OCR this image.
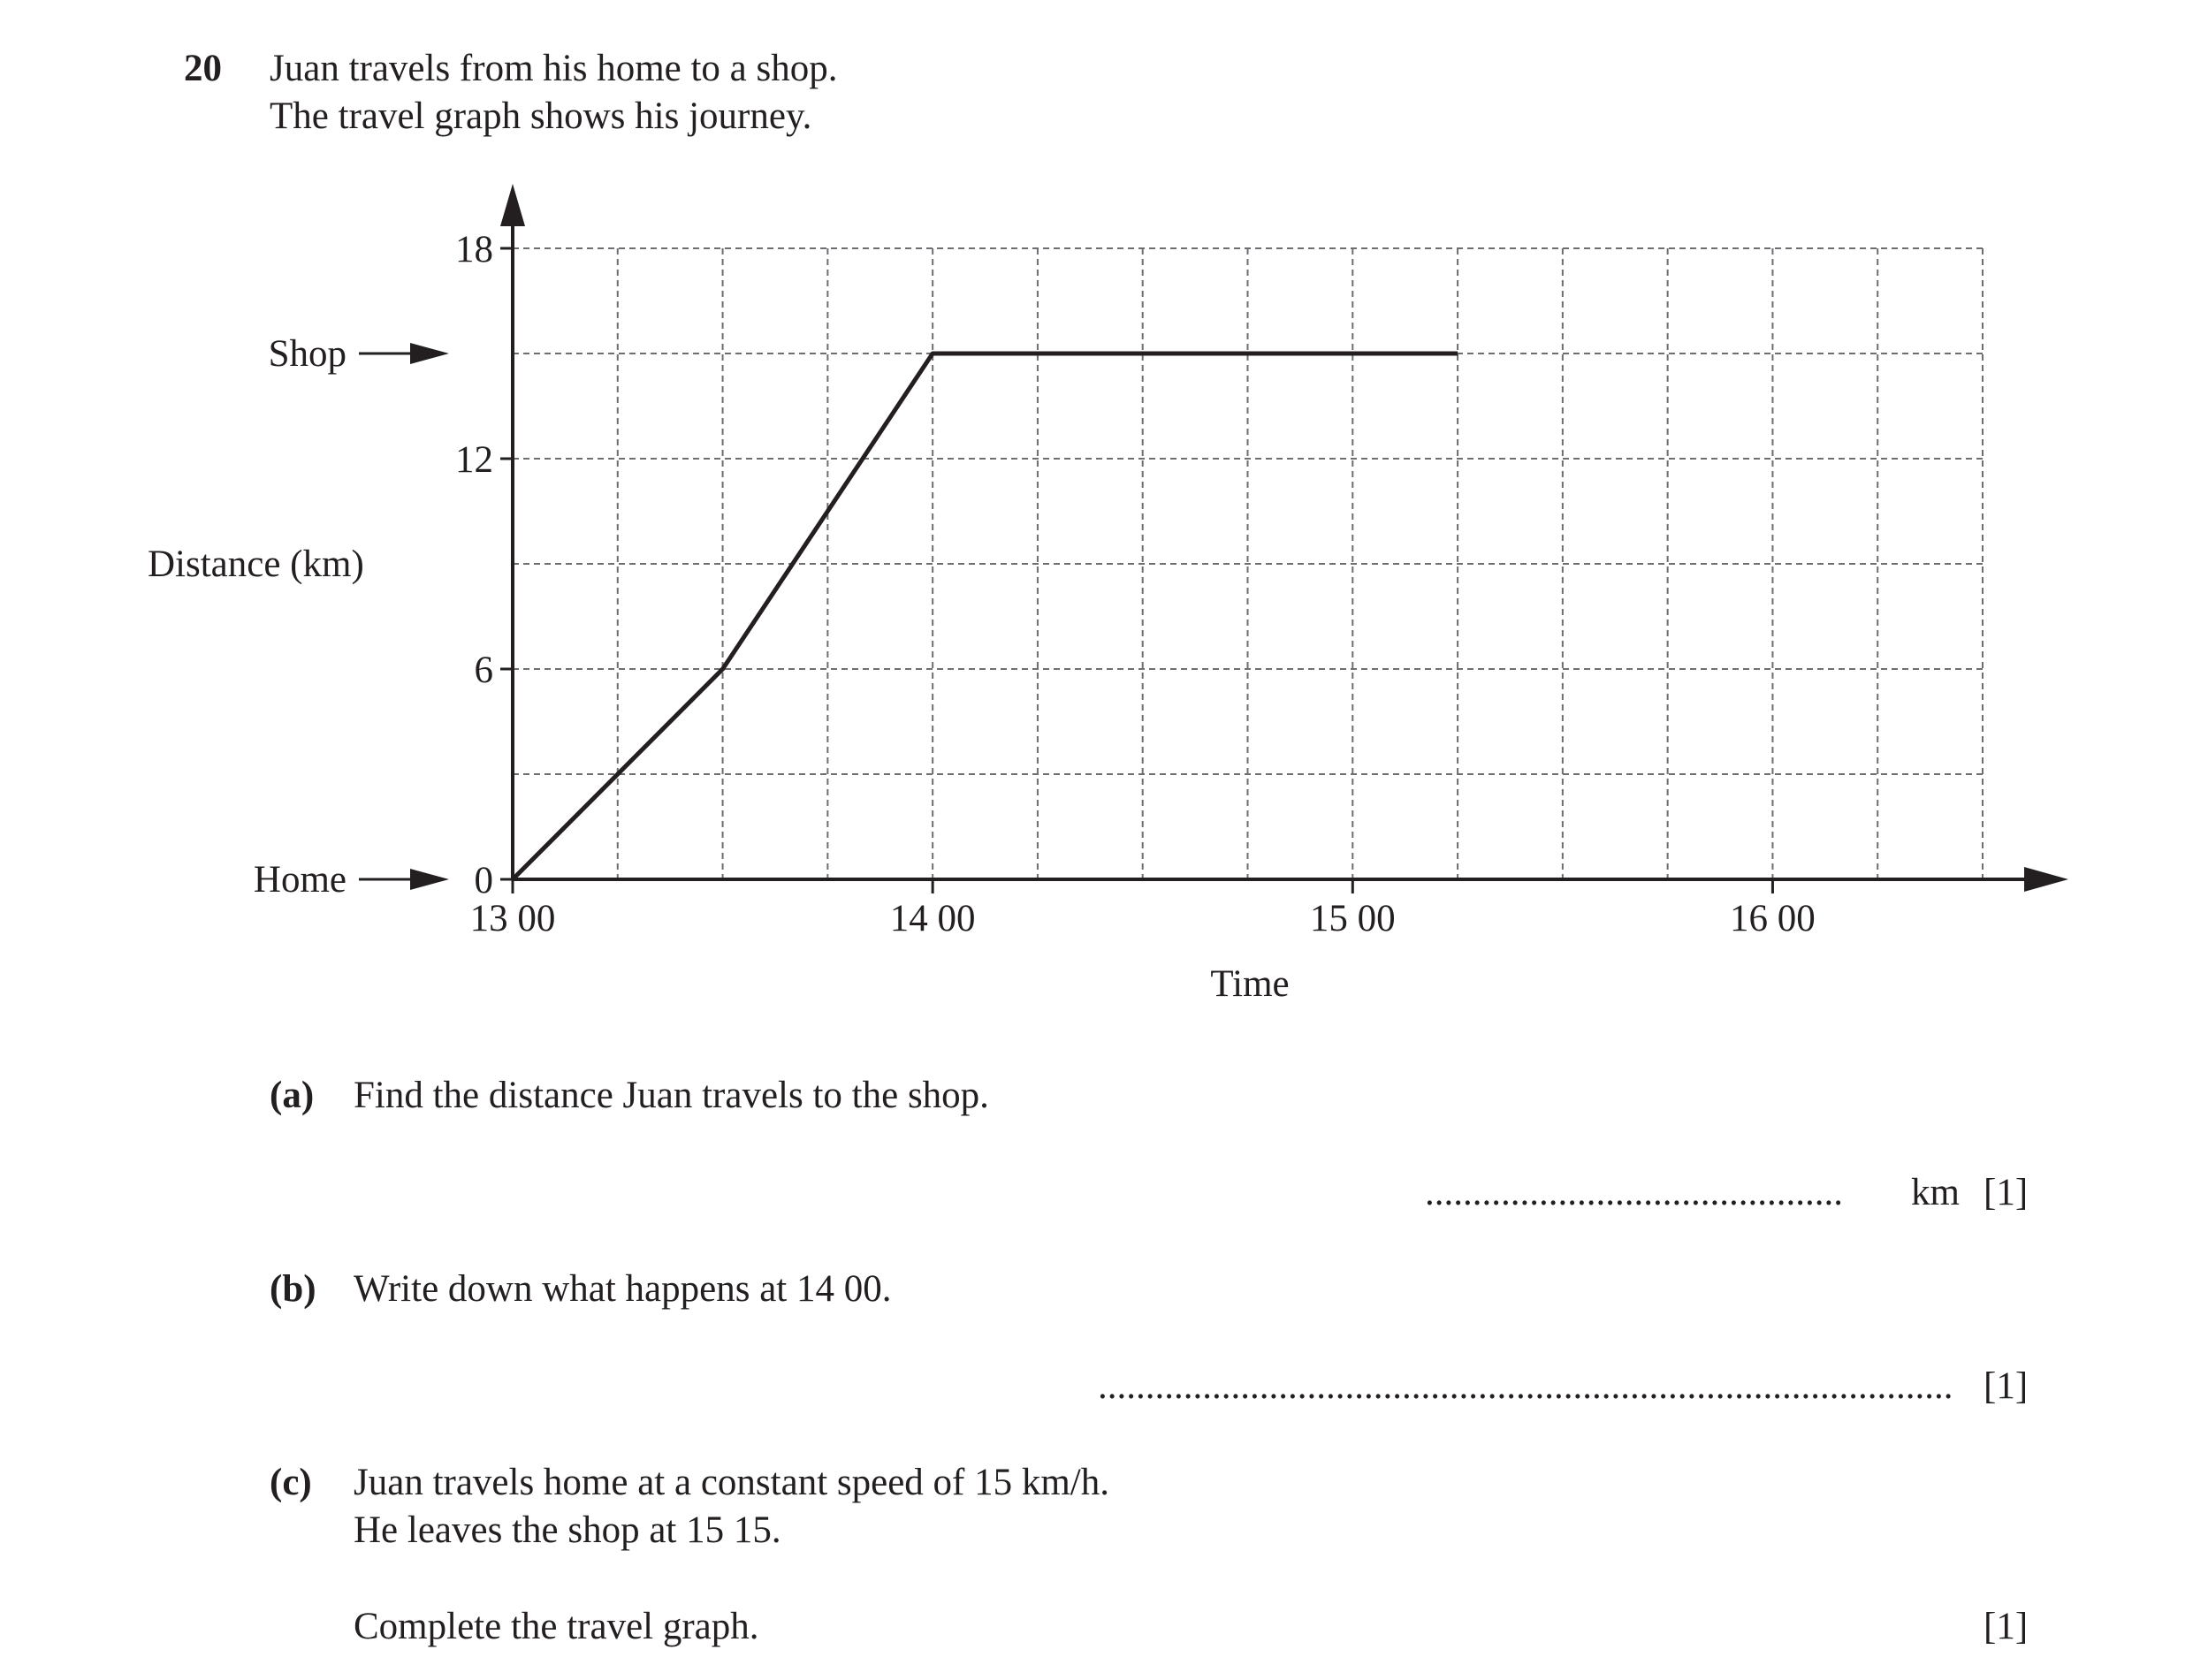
20 Juan travels from his home to a shop.
The travel graph shows his journey.
0
6
12
18
13 00	14 00	15 00	16 00
Home
Shop
Time
Distance (km)
(a) Find the distance Juan travels to the shop.
............................................ km [1]
(b) Write down what happens at 14 00.
.......................................................................................... [1]
(c) Juan travels home at a constant speed of 15 km/h.
He leaves the shop at 15 15.
Complete the travel graph.	[1]
